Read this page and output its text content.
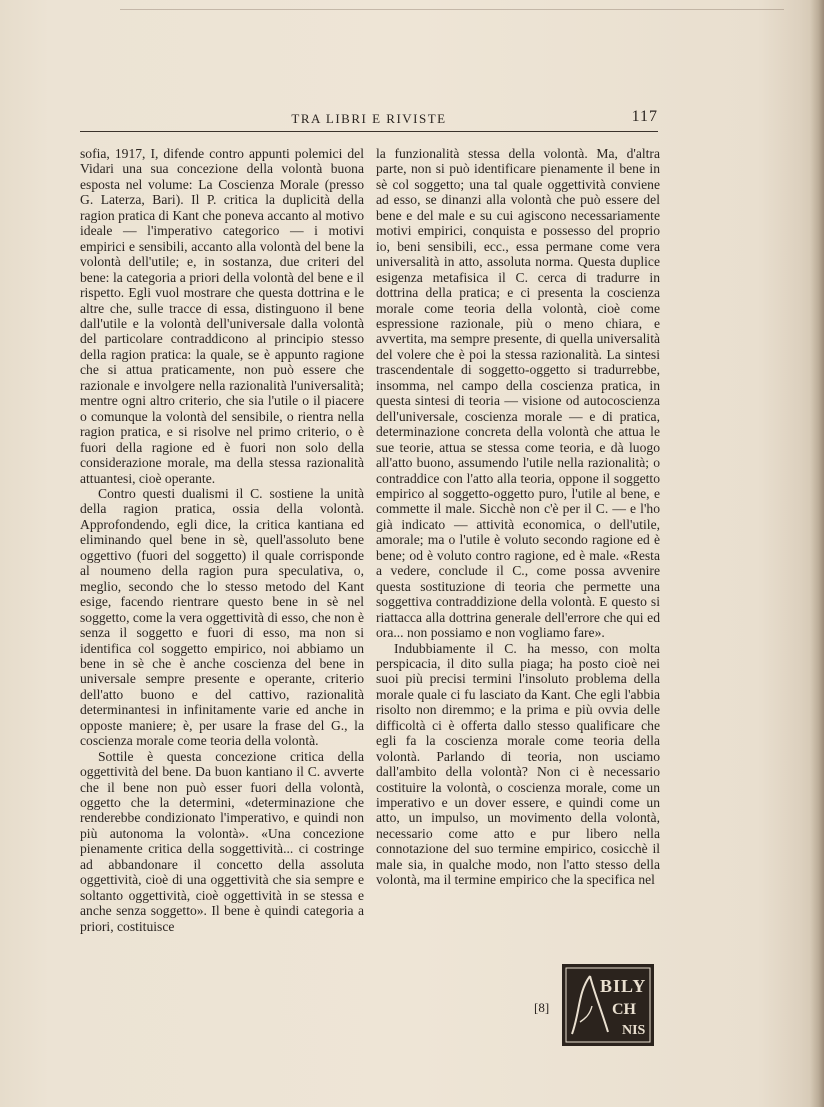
TRA LIBRI E RIVISTE	117

sofia, 1917, I, difende contro appunti polemici del Vidari una sua concezione della volontà buona esposta nel volume: La Coscienza Morale (presso G. Laterza, Bari). Il P. critica la duplicità della ragion pratica di Kant che poneva accanto al motivo ideale — l'imperativo categorico — i motivi empirici e sensibili, accanto alla volontà del bene la volontà dell'utile; e, in sostanza, due criteri del bene: la categoria a priori della volontà del bene e il rispetto. Egli vuol mostrare che questa dottrina e le altre che, sulle tracce di essa, distinguono il bene dall'utile e la volontà dell'universale dalla volontà del particolare contraddicono al principio stesso della ragion pratica: la quale, se è appunto ragione che si attua praticamente, non può essere che razionale e involgere nella razionalità l'universalità; mentre ogni altro criterio, che sia l'utile o il piacere o comunque la volontà del sensibile, o rientra nella ragion pratica, e si risolve nel primo criterio, o è fuori della ragione ed è fuori non solo della considerazione morale, ma della stessa razionalità attuantesi, cioè operante.

Contro questi dualismi il C. sostiene la unità della ragion pratica, ossia della volontà. Approfondendo, egli dice, la critica kantiana ed eliminando quel bene in sè, quell'assoluto bene oggettivo (fuori del soggetto) il quale corrisponde al noumeno della ragion pura speculativa, o, meglio, secondo che lo stesso metodo del Kant esige, facendo rientrare questo bene in sè nel soggetto, come la vera oggettività di esso, che non è senza il soggetto e fuori di esso, ma non si identifica col soggetto empirico, noi abbiamo un bene in sè che è anche coscienza del bene in universale sempre presente e operante, criterio dell'atto buono e del cattivo, razionalità determinantesi in infinitamente varie ed anche in opposte maniere; è, per usare la frase del G., la coscienza morale come teoria della volontà.

Sottile è questa concezione critica della oggettività del bene. Da buon kantiano il C. avverte che il bene non può esser fuori della volontà, oggetto che la determini, «determinazione che renderebbe condizionato l'imperativo, e quindi non più autonoma la volontà». «Una concezione pienamente critica della soggettività... ci costringe ad abbandonare il concetto della assoluta oggettività, cioè di una oggettività che sia sempre e soltanto oggettività, cioè oggettività in se stessa e anche senza soggetto». Il bene è quindi categoria a priori, costituisce

la funzionalità stessa della volontà. Ma, d'altra parte, non si può identificare pienamente il bene in sè col soggetto; una tal quale oggettività conviene ad esso, se dinanzi alla volontà che può essere del bene e del male e su cui agiscono necessariamente motivi empirici, conquista e possesso del proprio io, beni sensibili, ecc., essa permane come vera universalità in atto, assoluta norma. Questa duplice esigenza metafisica il C. cerca di tradurre in dottrina della pratica; e ci presenta la coscienza morale come teoria della volontà, cioè come espressione razionale, più o meno chiara, e avvertita, ma sempre presente, di quella universalità del volere che è poi la stessa razionalità. La sintesi trascendentale di soggetto-oggetto si tradurrebbe, insomma, nel campo della coscienza pratica, in questa sintesi di teoria — visione od autocoscienza dell'universale, coscienza morale — e di pratica, determinazione concreta della volontà che attua le sue teorie, attua se stessa come teoria, e dà luogo all'atto buono, assumendo l'utile nella razionalità; o contraddice con l'atto alla teoria, oppone il soggetto empirico al soggetto-oggetto puro, l'utile al bene, e commette il male. Sicchè non c'è per il C. — e l'ho già indicato — attività economica, o dell'utile, amorale; ma o l'utile è voluto secondo ragione ed è bene; od è voluto contro ragione, ed è male. «Resta a vedere, conclude il C., come possa avvenire questa sostituzione di teoria che permette una soggettiva contraddizione della volontà. E questo si riattacca alla dottrina generale dell'errore che qui ed ora... non possiamo e non vogliamo fare».

Indubbiamente il C. ha messo, con molta perspicacia, il dito sulla piaga; ha posto cioè nei suoi più precisi termini l'insoluto problema della morale quale ci fu lasciato da Kant. Che egli l'abbia risolto non diremmo; e la prima e più ovvia delle difficoltà ci è offerta dallo stesso qualificare che egli fa la coscienza morale come teoria della volontà. Parlando di teoria, non usciamo dall'ambito della volontà? Non ci è necessario costituire la volontà, o coscienza morale, come un imperativo e un dover essere, e quindi come un atto, un impulso, un movimento della volontà, necessario come atto e pur libero nella connotazione del suo termine empirico, cosicchè il male sia, in qualche modo, non l'atto stesso della volontà, ma il termine empirico che la specifica nel

[8]
BILY
CH
NIS
